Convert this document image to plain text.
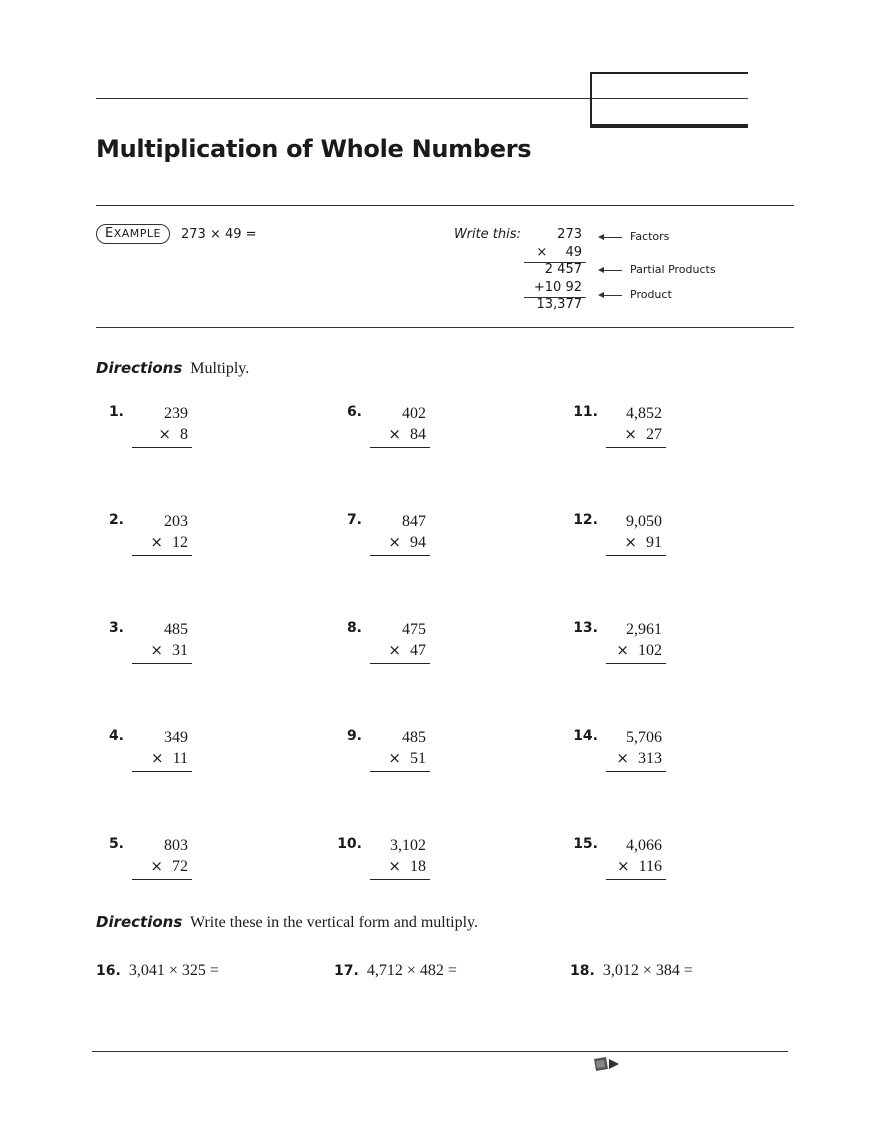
Multiplication of Whole Numbers
EXAMPLE	273 × 49 =	Write this:	273
× 49
2 457
+10 92
13,377
Factors
Partial Products
Product
Directions Multiply.
1.	239
× 8
2.	203
× 12
3.	485
× 31
4.	349
× 11
5.	803
× 72
6.	402
× 84
7.	847
× 94
8.	475
× 47
9.	485
× 51
10. 3,102
× 18
11. 4,852
× 27
12. 9,050
× 91
13. 2,961
× 102
14. 5,706
× 313
15. 4,066
× 116
Directions Write these in the vertical form and multiply.
16. 3,041 × 325 =	17. 4,712 × 482 =	18. 3,012 × 384 =
